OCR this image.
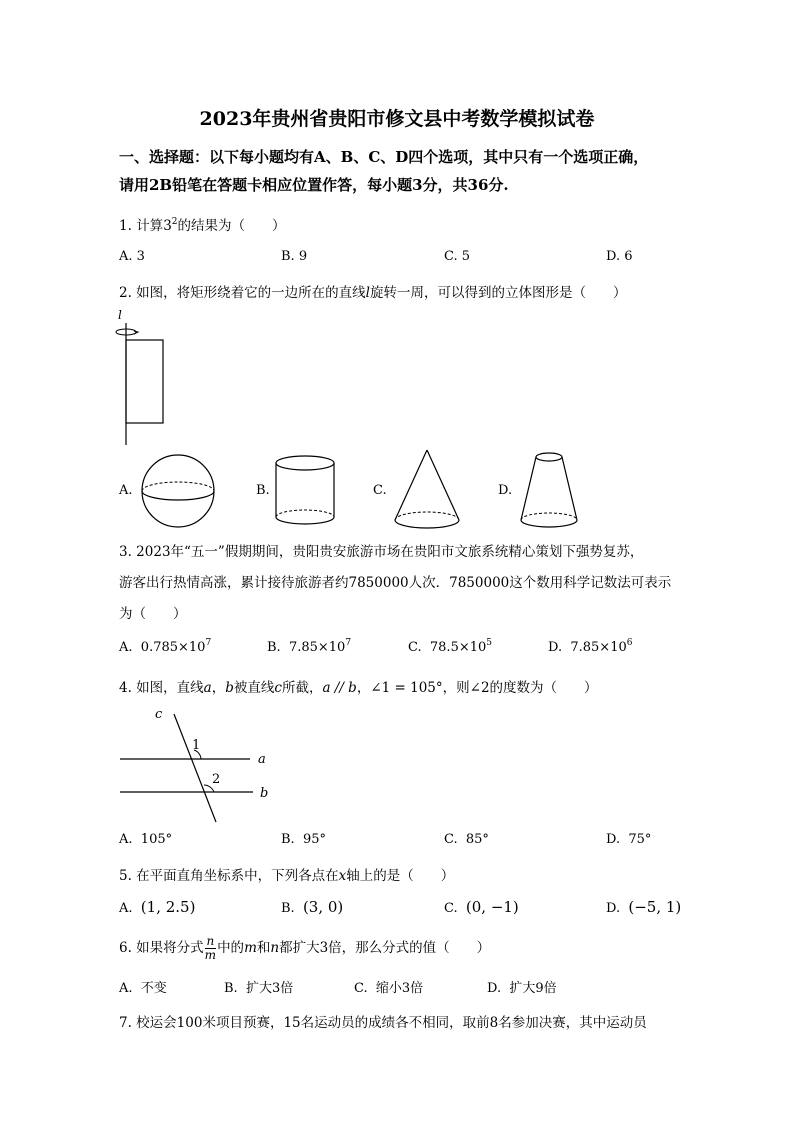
2023年贵州省贵阳市修文县中考数学模拟试卷
一、选择题：以下每小题均有A、B、C、D四个选项，其中只有一个选项正确，
请用2B铅笔在答题卡相应位置作答，每小题3分，共36分.
1. 计算$3^2$的结果为（　　）
A. 3	B. 9	C. 5	D. 6
2. 如图，将矩形绕着它的一边所在的直线l旋转一周，可以得到的立体图形是（　　）
l
A.	B.	C.	D.
3. 2023年“五一”假期期间，贵阳贵安旅游市场在贵阳市文旅系统精心策划下强势复苏，
游客出行热情高涨，累计接待旅游者约7850000人次．7850000这个数用科学记数法可表示
为（　　）
A. $0.785\times 10^7$	B. $7.85\times 10^7$	C. $78.5\times 10^5$	D. $7.85\times 10^6$
4. 如图，直线a，b被直线c所截，a // b，∠1 = 105°，则∠2的度数为（　　）
c
a
b
1
2
A. 105°	B. 95°	C. 85°	D. 75°
5. 在平面直角坐标系中，下列各点在x轴上的是（　　）
A. (1, 2.5)	B. (3, 0)	C. (0, −1)	D. (−5, 1)
6. 如果将分式 $\frac{n}{m}$ 中的m和n都扩大3倍，那么分式的值（　　）
A. 不变	B. 扩大3倍	C. 缩小3倍	D. 扩大9倍
7. 校运会100米项目预赛，15名运动员的成绩各不相同，取前8名参加决赛，其中运动员
